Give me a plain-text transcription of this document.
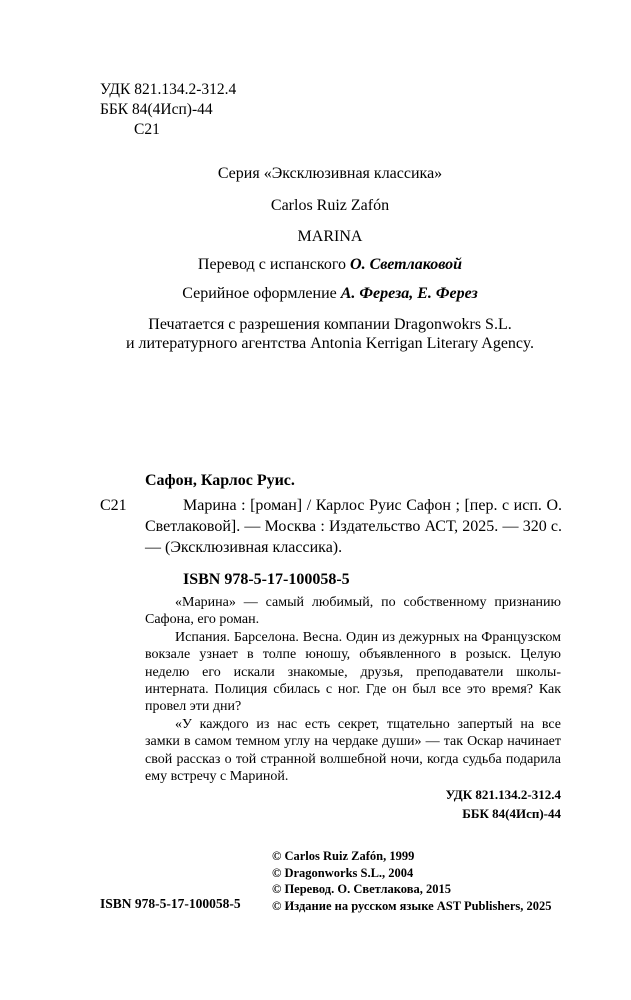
УДК 821.134.2-312.4
ББК 84(4Исп)-44
С21

Серия «Эксклюзивная классика»

Carlos Ruiz Zafón

MARINA

Перевод с испанского О. Светлаковой

Серийное оформление А. Фереза, Е. Ферез

Печатается с разрешения компании Dragonwokrs S.L.

и литературного агентства Antonia Kerrigan Literary Agency.

Сафон, Карлос Руис.
С21	Марина : [роман] / Карлос Руис Сафон ; [пер. с исп. О. Светлаковой]. — Москва : Издательство АСТ, 2025. — 320 с. — (Эксклюзивная классика).
ISBN 978-5-17-100058-5

«Марина» — самый любимый, по собственному признанию Сафона, его роман.

Испания. Барселона. Весна. Один из дежурных на Французском вокзале узнает в толпе юношу, объявленного в розыск. Целую неделю его искали знакомые, друзья, преподаватели школы-интерната. Полиция сбилась с ног. Где он был все это время? Как провел эти дни?

«У каждого из нас есть секрет, тщательно запертый на все замки в самом темном углу на чердаке души» — так Оскар начинает свой рассказ о той странной волшебной ночи, когда судьба подарила ему встречу с Мариной.

УДК 821.134.2-312.4
ББК 84(4Исп)-44
© Carlos Ruiz Zafón, 1999
© Dragonworks S.L., 2004
© Перевод. О. Светлакова, 2015
© Издание на русском языке AST Publishers, 2025
ISBN 978-5-17-100058-5
